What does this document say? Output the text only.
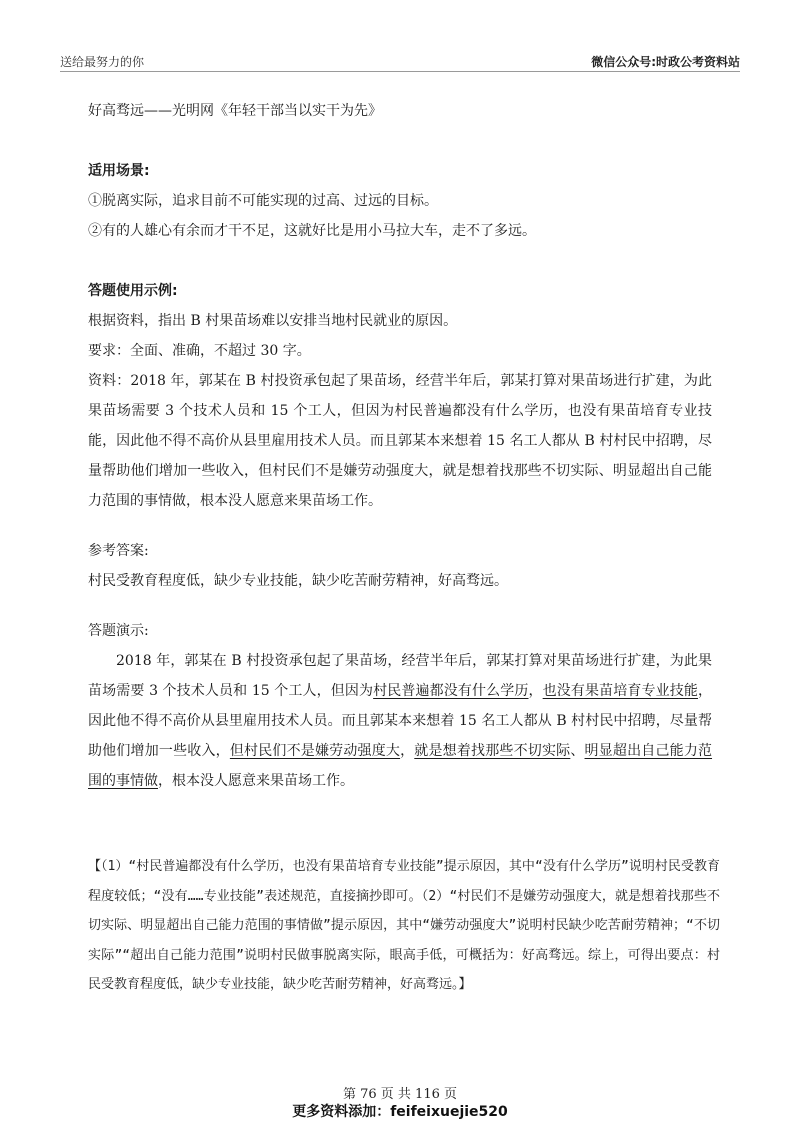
送给最努力的你	微信公众号:时政公考资料站

好高骛远——光明网《年轻干部当以实干为先》

适用场景:

①脱离实际，追求目前不可能实现的过高、过远的目标。

②有的人雄心有余而才干不足，这就好比是用小马拉大车，走不了多远。

答题使用示例:

根据资料，指出 B 村果苗场难以安排当地村民就业的原因。

要求：全面、准确，不超过 30 字。

资料：2018 年，郭某在 B 村投资承包起了果苗场，经营半年后，郭某打算对果苗场进行扩建，为此果苗场需要 3 个技术人员和 15 个工人，但因为村民普遍都没有什么学历，也没有果苗培育专业技能，因此他不得不高价从县里雇用技术人员。而且郭某本来想着 15 名工人都从 B 村村民中招聘，尽量帮助他们增加一些收入，但村民们不是嫌劳动强度大，就是想着找那些不切实际、明显超出自己能力范围的事情做，根本没人愿意来果苗场工作。

参考答案:

村民受教育程度低，缺少专业技能，缺少吃苦耐劳精神，好高骛远。

答题演示:

2018 年，郭某在 B 村投资承包起了果苗场，经营半年后，郭某打算对果苗场进行扩建，为此果苗场需要 3 个技术人员和 15 个工人，但因为村民普遍都没有什么学历，也没有果苗培育专业技能，因此他不得不高价从县里雇用技术人员。而且郭某本来想着 15 名工人都从 B 村村民中招聘，尽量帮助他们增加一些收入，但村民们不是嫌劳动强度大，就是想着找那些不切实际、明显超出自己能力范围的事情做，根本没人愿意来果苗场工作。

【（1）“村民普遍都没有什么学历，也没有果苗培育专业技能”提示原因，其中“没有什么学历”说明村民受教育程度较低；“没有……专业技能”表述规范，直接摘抄即可。（2）“村民们不是嫌劳动强度大，就是想着找那些不切实际、明显超出自己能力范围的事情做”提示原因，其中“嫌劳动强度大”说明村民缺少吃苦耐劳精神；“不切实际”“超出自己能力范围”说明村民做事脱离实际，眼高手低，可概括为：好高骛远。综上，可得出要点：村民受教育程度低，缺少专业技能，缺少吃苦耐劳精神，好高骛远。】

第 76 页 共 116 页
更多资料添加：feifeixuejie520
